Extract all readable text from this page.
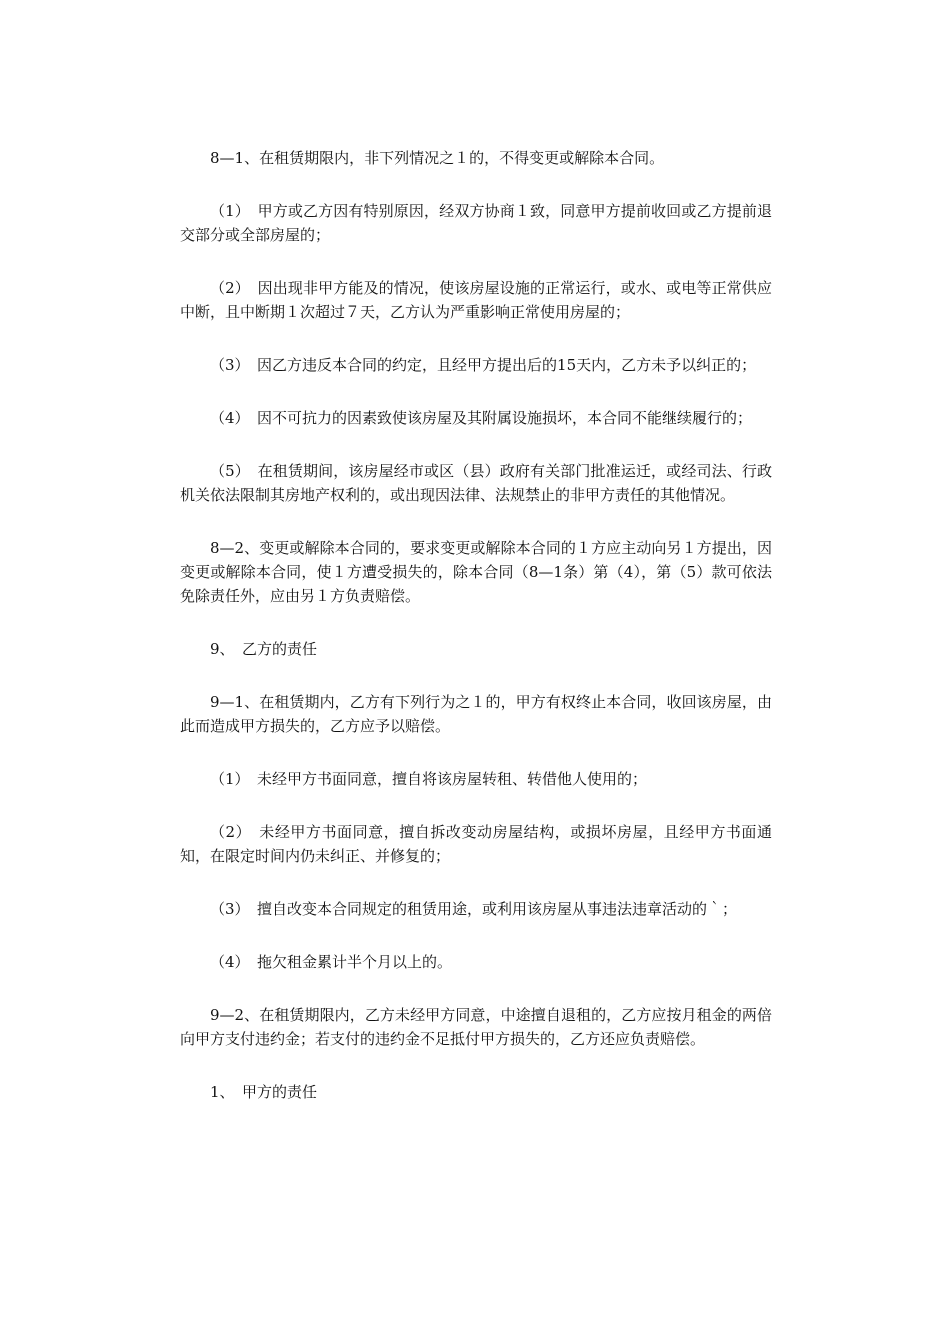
8—1、在租赁期限内，非下列情况之１的，不得变更或解除本合同。

（1）　甲方或乙方因有特别原因，经双方协商１致，同意甲方提前收回或乙方提前退交部分或全部房屋的；

（2）　因出现非甲方能及的情况，使该房屋设施的正常运行，或水、或电等正常供应中断，且中断期１次超过７天，乙方认为严重影响正常使用房屋的；

（3）　因乙方违反本合同的约定，且经甲方提出后的15天内，乙方未予以纠正的；

（4）　因不可抗力的因素致使该房屋及其附属设施损坏，本合同不能继续履行的；

（5）　在租赁期间，该房屋经市或区（县）政府有关部门批准运迁，或经司法、行政机关依法限制其房地产权利的，或出现因法律、法规禁止的非甲方责任的其他情况。

8—2、变更或解除本合同的，要求变更或解除本合同的１方应主动向另１方提出，因变更或解除本合同，使１方遭受损失的，除本合同（8—1条）第（4），第（5）款可依法免除责任外，应由另１方负责赔偿。

9、　乙方的责任

9—1、在租赁期内，乙方有下列行为之１的，甲方有权终止本合同，收回该房屋，由此而造成甲方损失的，乙方应予以赔偿。

（1）　未经甲方书面同意，擅自将该房屋转租、转借他人使用的；

（2）　未经甲方书面同意，擅自拆改变动房屋结构，或损坏房屋，且经甲方书面通知，在限定时间内仍未纠正、并修复的；

（3）　擅自改变本合同规定的租赁用途，或利用该房屋从事违法违章活动的｀；

（4）　拖欠租金累计半个月以上的。

9—2、在租赁期限内，乙方未经甲方同意，中途擅自退租的，乙方应按月租金的两倍向甲方支付违约金；若支付的违约金不足抵付甲方损失的，乙方还应负责赔偿。

1、　甲方的责任
